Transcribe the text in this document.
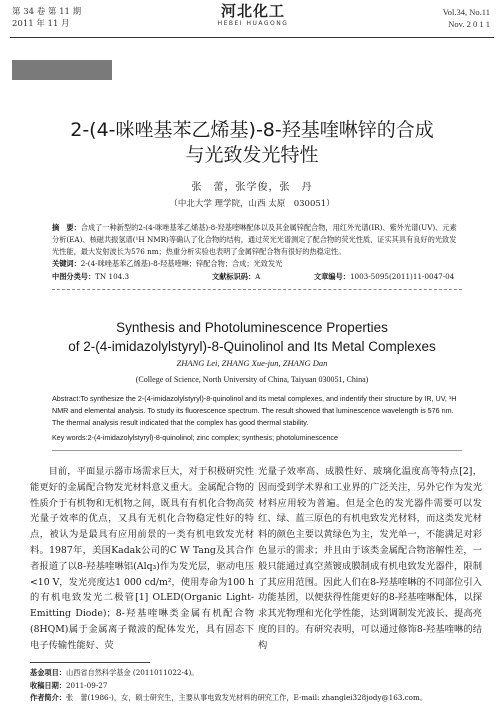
第 34 卷 第 11 期
2011 年 11 月
河北化工
HEBEI HUAGONG
Vol.34, No.11
Nov. 2 0 1 1
2-(4-咪唑基苯乙烯基)-8-羟基喹啉锌的合成
与光致发光特性
张　蕾，张学俊，张　丹
（中北大学 理学院，山西 太原　030051）
摘　要：合成了一种新型的2-(4-咪唑基苯乙烯基)-8-羟基喹啉配体以及其金属锌配合物，用红外光谱(IR)、紫外光谱(UV)、元素分析(EA)、核磁共振氢谱(¹H NMR)等确认了化合物的结构，通过荧光光谱测定了配合物的荧光性质，证实其具有良好的光致发光性能，最大发射波长为576 nm；热重分析实验也表明了金属锌配合物有很好的热稳定性。
关键词：2-(4-咪唑基苯乙烯基)-8-羟基喹啉；锌配合物；合成；光致发光
中图分类号：TN 104.3	文献标识码：A	文章编号：1003-5095(2011)11-0047-04
Synthesis and Photoluminescence Properties
of 2-(4-imidazolylstyryl)-8-Quinolinol and Its Metal Complexes
ZHANG Lei, ZHANG Xue-jun, ZHANG Dan
(College of Science, North University of China, Taiyuan 030051, China)
Abstract:To synthesize the 2-(4-imidazolylstyryl)-8-quinolinol and its metal complexes, and indentify their structure by IR, UV, ¹H NMR and elemental analysis. To study its fluorescence spectrum. The result showed that luminescence wavelength is 576 nm. The thermal analysis result indicated that the complex has good thermal stability.
Key words:2-(4-imidazolylstyryl)-8-quinolinol; zinc complex; synthesis; photoluminescence
目前，平面显示器市场需求巨大，对于积极研究性能更好的金属配合物发光材料意义重大。金属配合物的性质介于有机物和无机物之间，既具有有机化合物高荧光量子效率的优点，又具有无机化合物稳定性好的特点，被认为是最具有应用前景的一类有机电致发光材料。1987年，美国Kadak公司的C W Tang及其合作者报道了以8-羟基喹啉铝(Alq₃)作为发光层，驱动电压<10 V，发光亮度达1 000 cd/m²，使用寿命为100 h的有机电致发光二极管[1] OLED(Organic Light-Emitting Diode)；8-羟基喹啉类金属有机配合物(8HQM)属于金属离子微波的配体发光，具有固态下电子传输性能好、荧
光量子效率高、成膜性好、玻璃化温度高等特点[2]，因而受到学术界和工业界的广泛关注，另外它作为发光材料应用较为普遍。但是全色的发光器件需要可以发红、绿、蓝三原色的有机电致发光材料，而这类发光材料的颜色主要以黄绿色为主，发光单一，不能满足对彩色显示的需求；并且由于该类金属配合物溶解性差，一般只能通过真空蒸镀成膜制成有机电致发光器件，限制了其应用范围。因此人们在8-羟基喹啉的不同部位引入功能基团，以便获得性能更好的8-羟基喹啉配体，以探求其光物理和光化学性能，达到调制发光波长、提高亮度的目的。有研究表明，可以通过修饰8-羟基喹啉的结构
基金项目：山西省自然科学基金 (2011011022-4)。
收稿日期：2011-09-27
作者简介：张　蕾(1986-)，女，硕士研究生，主要从事电致发光材料的研究工作，E-mail: zhanglei328jody@163.com。
